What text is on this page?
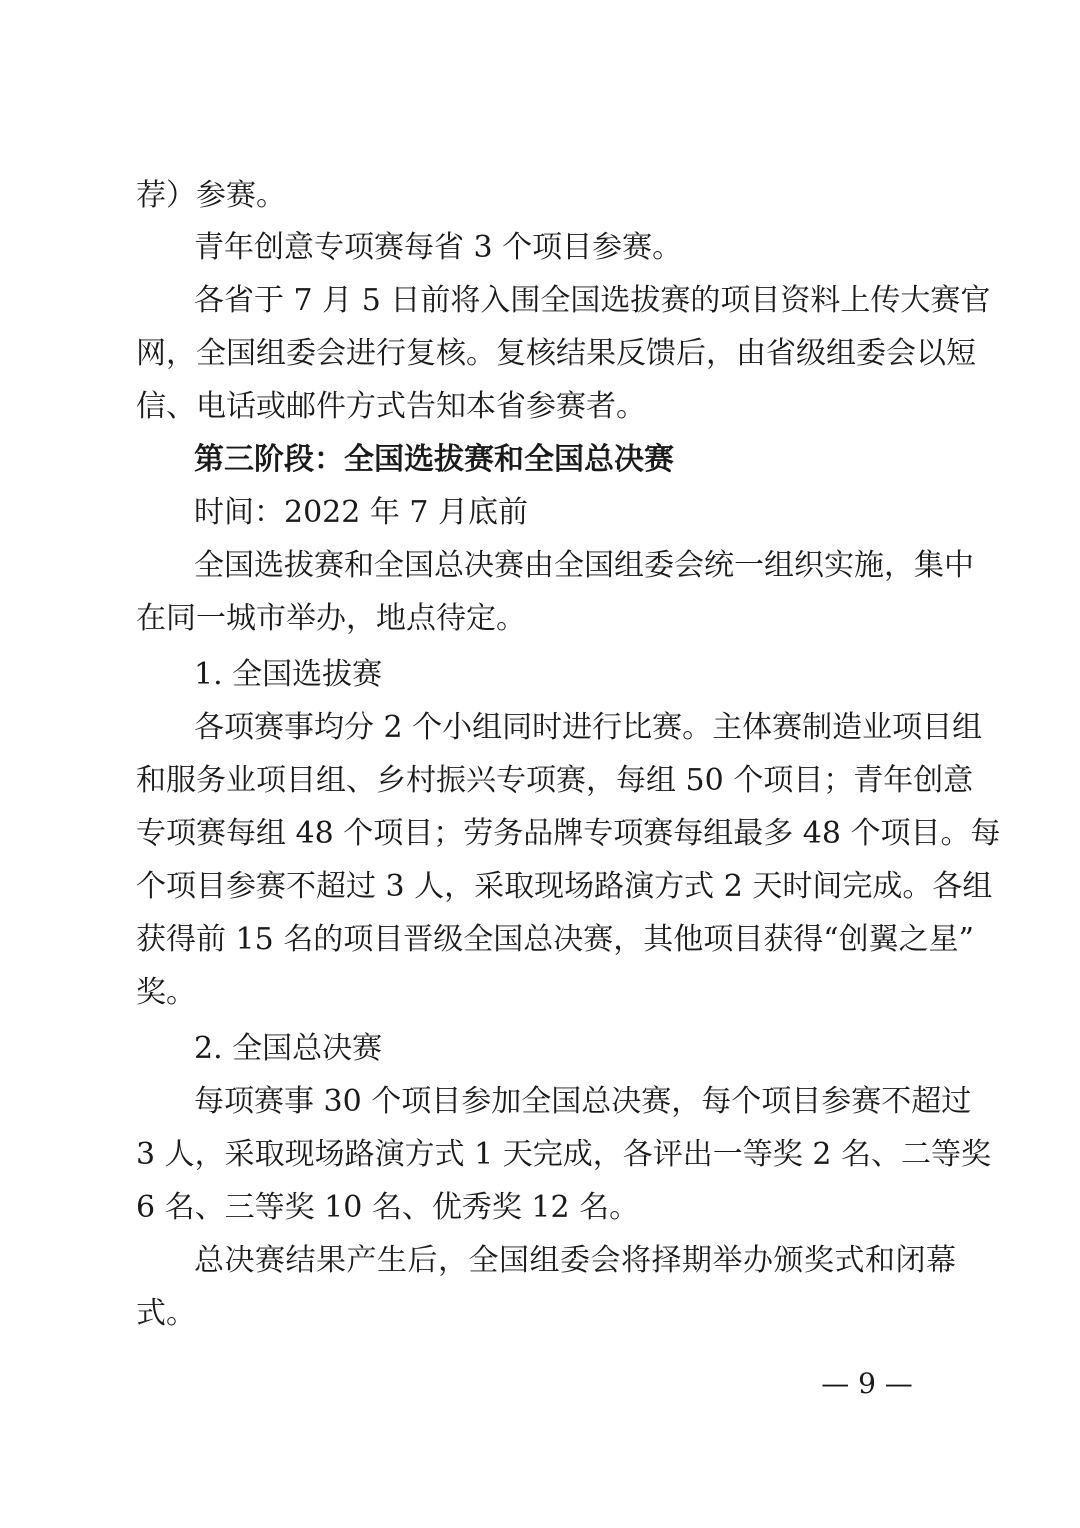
荐）参赛。
青年创意专项赛每省 3 个项目参赛。
各省于 7 月 5 日前将入围全国选拔赛的项目资料上传大赛官
网，全国组委会进行复核。复核结果反馈后，由省级组委会以短
信、电话或邮件方式告知本省参赛者。
第三阶段：全国选拔赛和全国总决赛
时间：2022 年 7 月底前
全国选拔赛和全国总决赛由全国组委会统一组织实施，集中
在同一城市举办，地点待定。
1. 全国选拔赛
各项赛事均分 2 个小组同时进行比赛。主体赛制造业项目组
和服务业项目组、乡村振兴专项赛，每组 50 个项目；青年创意
专项赛每组 48 个项目；劳务品牌专项赛每组最多 48 个项目。每
个项目参赛不超过 3 人，采取现场路演方式 2 天时间完成。各组
获得前 15 名的项目晋级全国总决赛，其他项目获得“创翼之星”
奖。
2. 全国总决赛
每项赛事 30 个项目参加全国总决赛，每个项目参赛不超过
3 人，采取现场路演方式 1 天完成，各评出一等奖 2 名、二等奖
6 名、三等奖 10 名、优秀奖 12 名。
总决赛结果产生后，全国组委会将择期举办颁奖式和闭幕
式。
— 9 —
